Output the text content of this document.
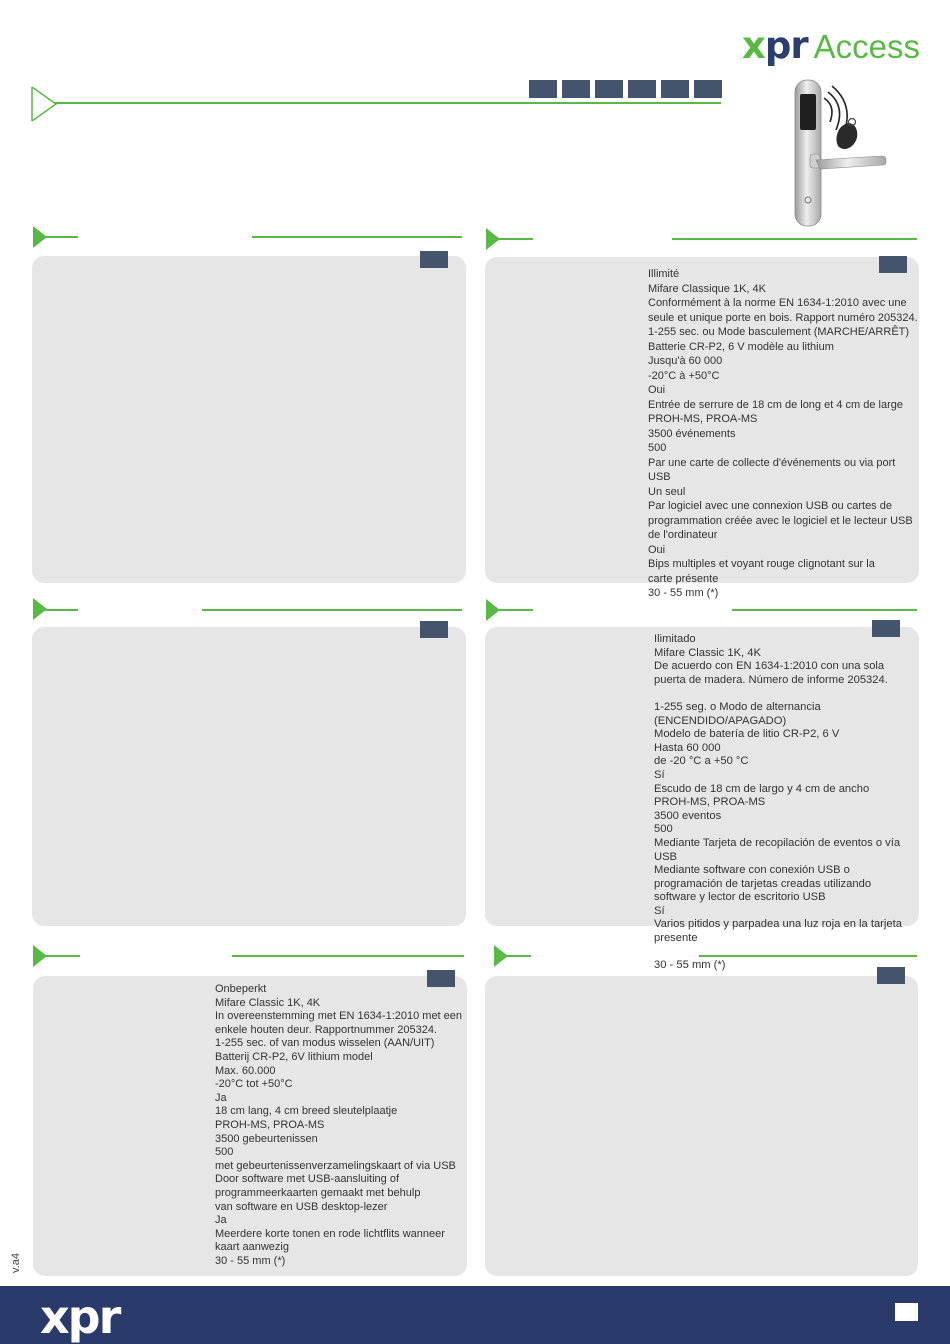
xpr Access
Illimité
Mifare Classique 1K, 4K
Conformément à la norme EN 1634-1:2010 avec une
seule et unique porte en bois. Rapport numéro 205324.
1-255 sec. ou Mode basculement (MARCHE/ARRÊT)
Batterie CR-P2, 6 V modèle au lithium
Jusqu'à 60 000
-20°C à +50°C
Oui
Entrée de serrure de 18 cm de long et 4 cm de large
PROH-MS, PROA-MS
3500 événements
500
Par une carte de collecte d'événements ou via port USB
Un seul
Par logiciel avec une connexion USB ou cartes de
programmation créée avec le logiciel et le lecteur USB
de l'ordinateur
Oui
Bips multiples et voyant rouge clignotant sur la
carte présente
30 - 55 mm (*)
Ilimitado
Mifare Classic 1K, 4K
De acuerdo con EN 1634-1:2010 con una sola
puerta de madera. Número de informe 205324.

1-255 seg. o Modo de alternancia (ENCENDIDO/APAGADO)
Modelo de batería de litio CR-P2, 6 V
Hasta 60 000
de -20 °C a +50 °C
Sí
Escudo de 18 cm de largo y 4 cm de ancho
PROH-MS, PROA-MS
3500 eventos
500
Mediante Tarjeta de recopilación de eventos o vía USB
Mediante software con conexión USB o
programación de tarjetas creadas utilizando
software y lector de escritorio USB
Sí
Varios pitidos y parpadea una luz roja en la tarjeta
presente

30 - 55 mm (*)
Onbeperkt
Mifare Classic 1K, 4K
In overeenstemming met EN 1634-1:2010 met een
enkele houten deur. Rapportnummer 205324.
1-255 sec. of van modus wisselen (AAN/UIT)
Batterij CR-P2, 6V lithium model
Max. 60.000
-20°C tot +50°C
Ja
18 cm lang, 4 cm breed sleutelplaatje
PROH-MS, PROA-MS
3500 gebeurtenissen
500
met gebeurtenissenverzamelingskaart of via USB
Door software met USB-aansluiting of
programmeerkaarten gemaakt met behulp
van software en USB desktop-lezer
Ja
Meerdere korte tonen en rode lichtflits wanneer
kaart aanwezig
30 - 55 mm (*)
v.a4
xpr
